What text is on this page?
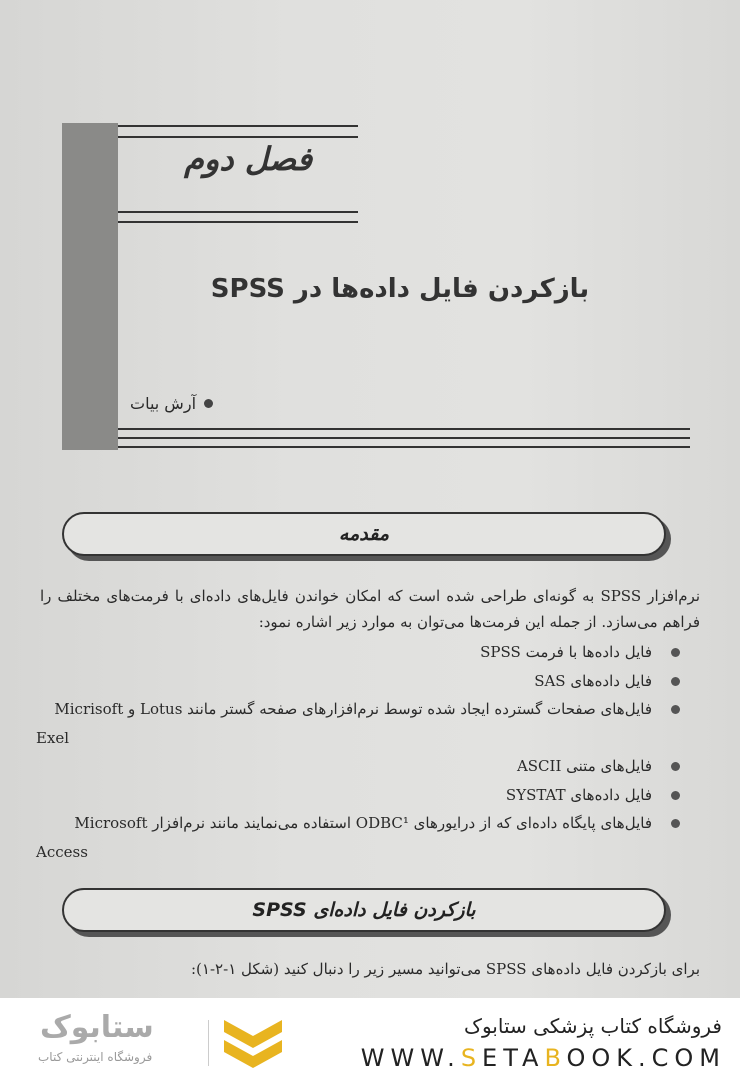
فصل دوم
بازکردن فایل داده‌ها در SPSS
آرش بیات
مقدمه
نرم‌افزار SPSS به گونه‌ای طراحی شده است که امکان خواندن فایل‌های داده‌ای با فرمت‌های مختلف را فراهم می‌سازد. از جمله این فرمت‌ها می‌توان به موارد زیر اشاره نمود:
فایل داده‌ها با فرمت SPSS
فایل داده‌های SAS
فایل‌های صفحات گسترده ایجاد شده توسط نرم‌افزارهای صفحه گستر مانند Lotus و Micrisoft
Exel
فایل‌های متنی ASCII
فایل داده‌های SYSTAT
فایل‌های پایگاه داده‌ای که از درایورهای ODBC¹ استفاده می‌نمایند مانند نرم‌افزار Microsoft
Access
بازکردن فایل داده‌ای SPSS
برای بازکردن فایل داده‌های SPSS می‌توانید مسیر زیر را دنبال کنید (شکل ۱-۲-۱):
ستابوک
فروشگاه اینترنتی کتاب
فروشگاه کتاب پزشکی ستابوک
WWW.SETABOOK.COM
